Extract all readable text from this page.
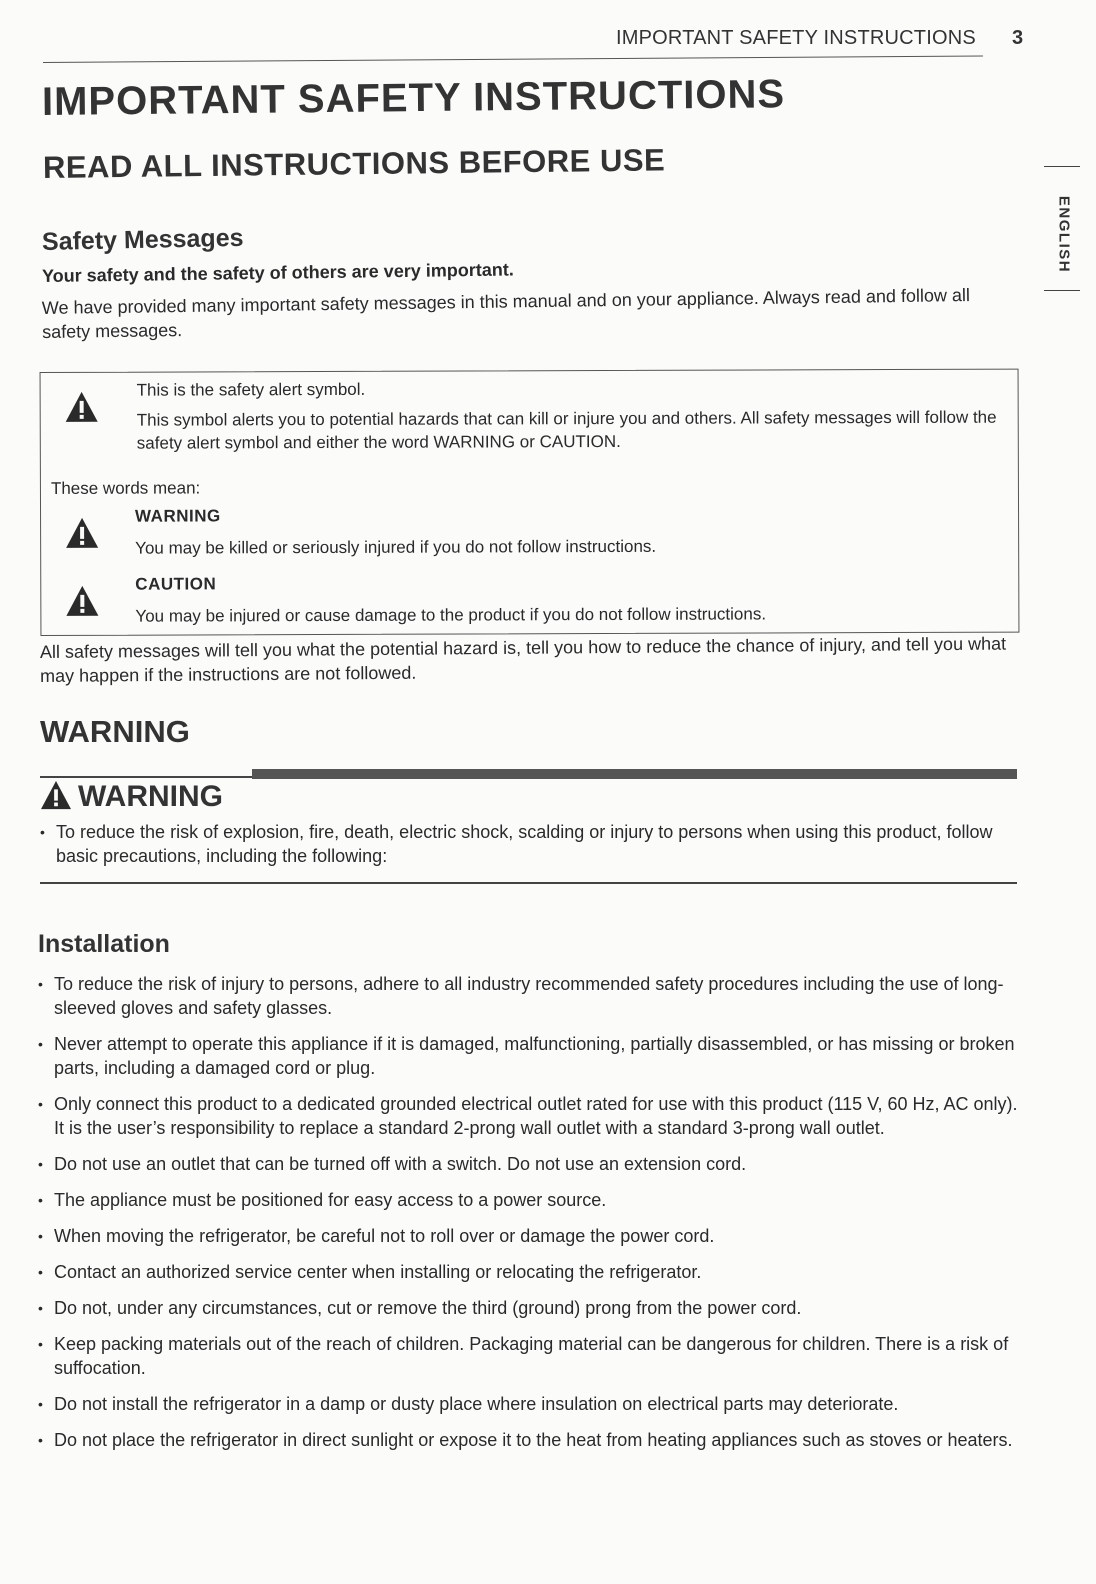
IMPORTANT SAFETY INSTRUCTIONS 3
ENGLISH
IMPORTANT SAFETY INSTRUCTIONS
READ ALL INSTRUCTIONS BEFORE USE
Safety Messages
Your safety and the safety of others are very important.
We have provided many important safety messages in this manual and on your appliance. Always read and follow all safety messages.
This is the safety alert symbol.
This symbol alerts you to potential hazards that can kill or injure you and others. All safety messages will follow the safety alert symbol and either the word WARNING or CAUTION.
These words mean:
WARNING
You may be killed or seriously injured if you do not follow instructions.
CAUTION
You may be injured or cause damage to the product if you do not follow instructions.
All safety messages will tell you what the potential hazard is, tell you how to reduce the chance of injury, and tell you what may happen if the instructions are not followed.
WARNING
WARNING
• To reduce the risk of explosion, fire, death, electric shock, scalding or injury to persons when using this product, follow basic precautions, including the following:
Installation
• To reduce the risk of injury to persons, adhere to all industry recommended safety procedures including the use of long-sleeved gloves and safety glasses.
• Never attempt to operate this appliance if it is damaged, malfunctioning, partially disassembled, or has missing or broken parts, including a damaged cord or plug.
• Only connect this product to a dedicated grounded electrical outlet rated for use with this product (115 V, 60 Hz, AC only). It is the user’s responsibility to replace a standard 2-prong wall outlet with a standard 3-prong wall outlet.
• Do not use an outlet that can be turned off with a switch. Do not use an extension cord.
• The appliance must be positioned for easy access to a power source.
• When moving the refrigerator, be careful not to roll over or damage the power cord.
• Contact an authorized service center when installing or relocating the refrigerator.
• Do not, under any circumstances, cut or remove the third (ground) prong from the power cord.
• Keep packing materials out of the reach of children. Packaging material can be dangerous for children. There is a risk of suffocation.
• Do not install the refrigerator in a damp or dusty place where insulation on electrical parts may deteriorate.
• Do not place the refrigerator in direct sunlight or expose it to the heat from heating appliances such as stoves or heaters.
